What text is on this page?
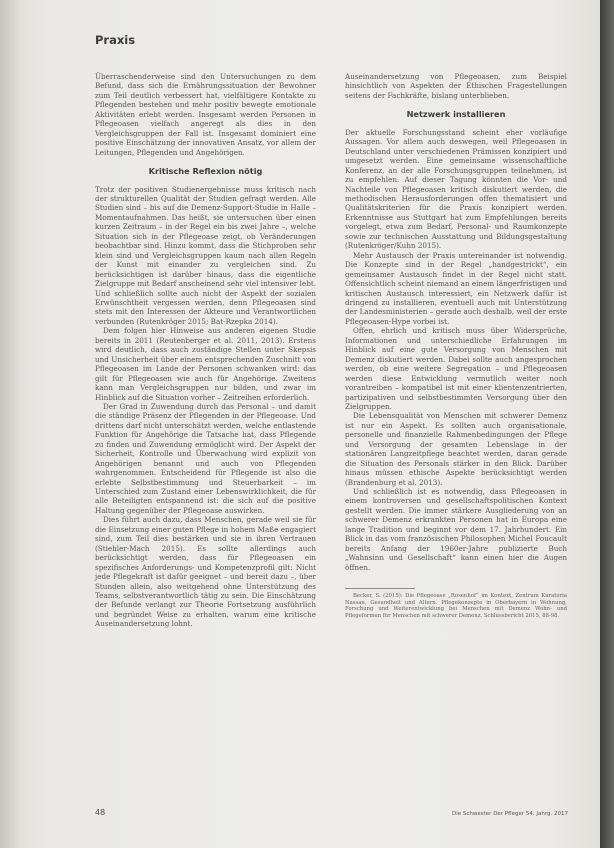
Praxis

Überraschenderweise sind den Untersuchungen zu dem Befund, dass sich die Ernährungssituation der Bewohner zum Teil deutlich verbessert hat, vielfältigere Kontakte zu Pflegenden bestehen und mehr positiv bewegte emotionale Aktivitäten erlebt werden. Insgesamt werden Personen in Pflegeoasen vielfach angeregt als dies in den Vergleichsgruppen der Fall ist. Insgesamt dominiert eine positive Einschätzung der innovativen Ansatz, vor allem der Leitungen, Pflegenden und Angehörigen.

Kritische Reflexion nötig

Trotz der positiven Studienergebnisse muss kritisch nach der strukturellen Qualität der Studien gefragt werden. Alle Studien sind – bis auf die Demenz-Support-Studie in Halle – Momentaufnahmen. Das heißt, sie untersuchen über einen kurzen Zeitraum – in der Regel ein bis zwei Jahre –, welche Situation sich in der Pflegeoase zeigt, ob Veränderungen beobachtbar sind. Hinzu kommt, dass die Stichproben sehr klein sind und Vergleichsgruppen kaum nach allen Regeln der Kunst mit einander zu vergleichen sind. Zu berücksichtigen ist darüber hinaus, dass die eigentliche Zielgruppe mit Bedarf anscheinend sehr viel intensiver lebt. Und schließlich sollte auch nicht der Aspekt der sozialen Erwünschtheit vergessen werden, denn Pflegeoasen sind stets mit den Interessen der Akteure und Verantwortlichen verbunden (Rutenkröger 2015; Bat-Rzepka 2014).

Dem folgen hier Hinweise aus anderen eigenen Studie bereits in 2011 (Reutenberger et al. 2011, 2013). Erstens wird deutlich, dass auch zuständige Stellen unter Skepsis und Unsicherheit über einem entsprechenden Zuschnitt von Pflegeoasen im Lande der Personen schwanken wird: das gilt für Pflegeoasen wie auch für Angehörige. Zweitens kann man Vergleichsgruppen nur bilden, und zwar im Hinblick auf die Situation vorher – Zeitreihen erforderlich.

Der Grad in Zuwendung durch das Personal – und damit die ständige Präsenz der Pflegenden in der Pflegeoase. Und drittens darf nicht unterschätzt werden, welche entlastende Funktion für Angehörige die Tatsache hat, dass Pflegende zu finden und Zuwendung ermöglicht wird. Der Aspekt der Sicherheit, Kontrolle und Überwachung wird explizit von Angehörigen benannt und auch von Pflegenden wahrgenommen. Entscheidend für Pflegende ist also die erlebte Selbstbestimmung und Steuerbarkeit – im Unterschied zum Zustand einer Lebenswirklichkeit, die für alle Beteiligten entspannend ist: die sich auf die positive Haltung gegenüber der Pflegeoase auswirken.

Dies führt auch dazu, dass Menschen, gerade weil sie für die Einsetzung einer guten Pflege in hohem Maße engagiert sind, zum Teil dies bestärken und sie in ihren Vertrauen (Stiehler-Mach 2015). Es sollte allerdings auch berücksichtigt werden, dass für Pflegeoasen ein spezifisches Anforderungs- und Kompetenzprofil gilt: Nicht jede Pflegekraft ist dafür geeignet – und bereit dazu –, über Stunden allein, also weitgehend ohne Unterstützung des Teams, selbstverantwortlich tätig zu sein. Die Einschätzung der Befunde verlangt zur Theorie Fortsetzung ausführlich und begründet Weise zu erhalten, warum eine kritische Auseinandersetzung lohnt.

Auseinandersetzung von Pflegeoasen, zum Beispiel hinsichtlich von Aspekten der Ethischen Fragestellungen seitens der Fachkräfte, bislang unterblieben.

Netzwerk installieren

Der aktuelle Forschungsstand scheint eher vorläufige Aussagen. Vor allem auch deswegen, weil Pflegeoasen in Deutschland unter verschiedenen Prämissen konzipiert und umgesetzt werden. Eine gemeinsame wissenschaftliche Konferenz, an der alle Forschungsgruppen teilnehmen, ist zu empfehlen. Auf dieser Tagung könnten die Vor- und Nachteile von Pflegeoasen kritisch diskutiert werden, die methodischen Herausforderungen offen thematisiert und Qualitätskriterien für die Praxis konzipiert werden. Erkenntnisse aus Stuttgart hat zum Empfehlungen bereits vorgelegt, etwa zum Bedarf, Personal- und Raumkonzepte sowie zur technischen Ausstattung und Bildungsgestaltung (Rutenkröger/Kuhn 2015).

Mehr Austausch der Praxis untereinander ist notwendig. Die Konzepte sind in der Regel „handgestrickt“, ein gemeinsamer Austausch findet in der Regel nicht statt. Offensichtlich scheint niemand an einem längerfristigen und kritischen Austausch interessiert, ein Netzwerk dafür ist dringend zu installieren, eventuell auch mit Unterstützung der Landesministerien – gerade auch deshalb, weil der erste Pflegeoasen-Hype vorbei ist.

Offen, ehrlich und kritisch muss über Widersprüche, Informationen und unterschiedliche Erfahrungen im Hinblick auf eine gute Versorgung von Menschen mit Demenz diskutiert werden. Dabei sollte auch angesprochen werden, ob eine weitere Segregation – und Pflegeoasen werden diese Entwicklung vermutlich weiter noch vorantreiben – kompatibel ist mit einer klientenzentrierten, partizipativen und selbstbestimmten Versorgung über den Zielgruppen.

Die Lebensqualität von Menschen mit schwerer Demenz ist nur ein Aspekt. Es sollten auch organisationale, personelle und finanzielle Rahmenbedingungen der Pflege und Versorgung der gesamten Lebenslage in der stationären Langzeitpflege beachtet werden, daran gerade die Situation des Personals stärker in den Blick. Darüber hinaus müssen ethische Aspekte berücksichtigt werden (Brandenburg et al. 2013).

Und schließlich ist es notwendig, dass Pflegeoasen in einem kontroversen und gesellschaftspolitischen Kontext gestellt werden. Die immer stärkere Ausgliederung von an schwerer Demenz erkrankten Personen hat in Europa eine lange Tradition und beginnt vor dem 17. Jahrhundert. Ein Blick in das vom französischen Philosophen Michel Foucault bereits Anfang der 1960er-Jahre publizierte Buch „Wahnsinn und Gesellschaft“ kann einen hier die Augen öffnen.

Becker, S. (2015): Die Pflegeoase „Rosenhof“ im Kontext, Zentrum Kuratoria Nassau, Gesundheit und Altern. Pflegekonzepte in Oberbayern in Wohnung, Forschung und Weiterentwicklung bei Menschen mit Demenz Wohn- und Pflegeformen für Menschen mit schwerer Demenz. Schlussbericht 2015, 88-98.

48	Die Schwester Der Pfleger 54. Jahrg. 2017
